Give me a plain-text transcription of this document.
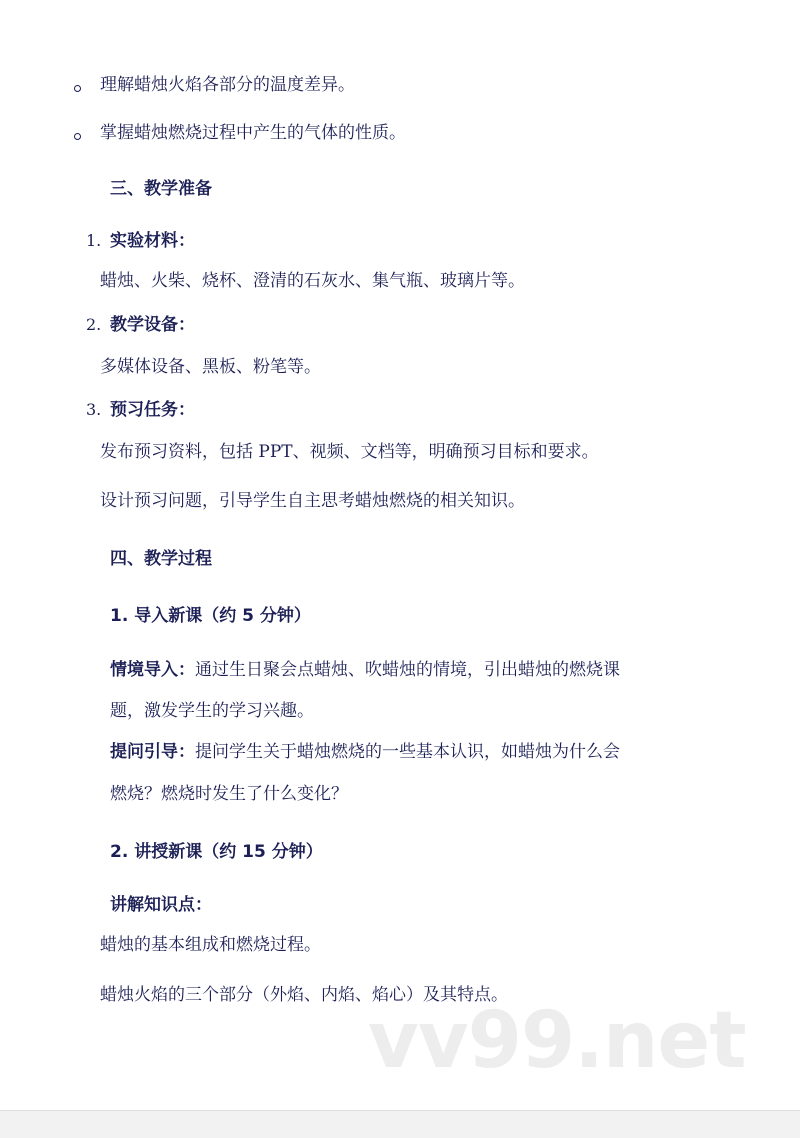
理解蜡烛火焰各部分的温度差异。
掌握蜡烛燃烧过程中产生的气体的性质。
三、教学准备
1. 实验材料：
蜡烛、火柴、烧杯、澄清的石灰水、集气瓶、玻璃片等。
2. 教学设备：
多媒体设备、黑板、粉笔等。
3. 预习任务：
发布预习资料，包括 PPT、视频、文档等，明确预习目标和要求。
设计预习问题，引导学生自主思考蜡烛燃烧的相关知识。
四、教学过程
1. 导入新课（约 5 分钟）
情境导入：通过生日聚会点蜡烛、吹蜡烛的情境，引出蜡烛的燃烧课
题，激发学生的学习兴趣。
提问引导：提问学生关于蜡烛燃烧的一些基本认识，如蜡烛为什么会
燃烧？燃烧时发生了什么变化？
2. 讲授新课（约 15 分钟）
讲解知识点：
蜡烛的基本组成和燃烧过程。
蜡烛火焰的三个部分（外焰、内焰、焰心）及其特点。
vv99.net
